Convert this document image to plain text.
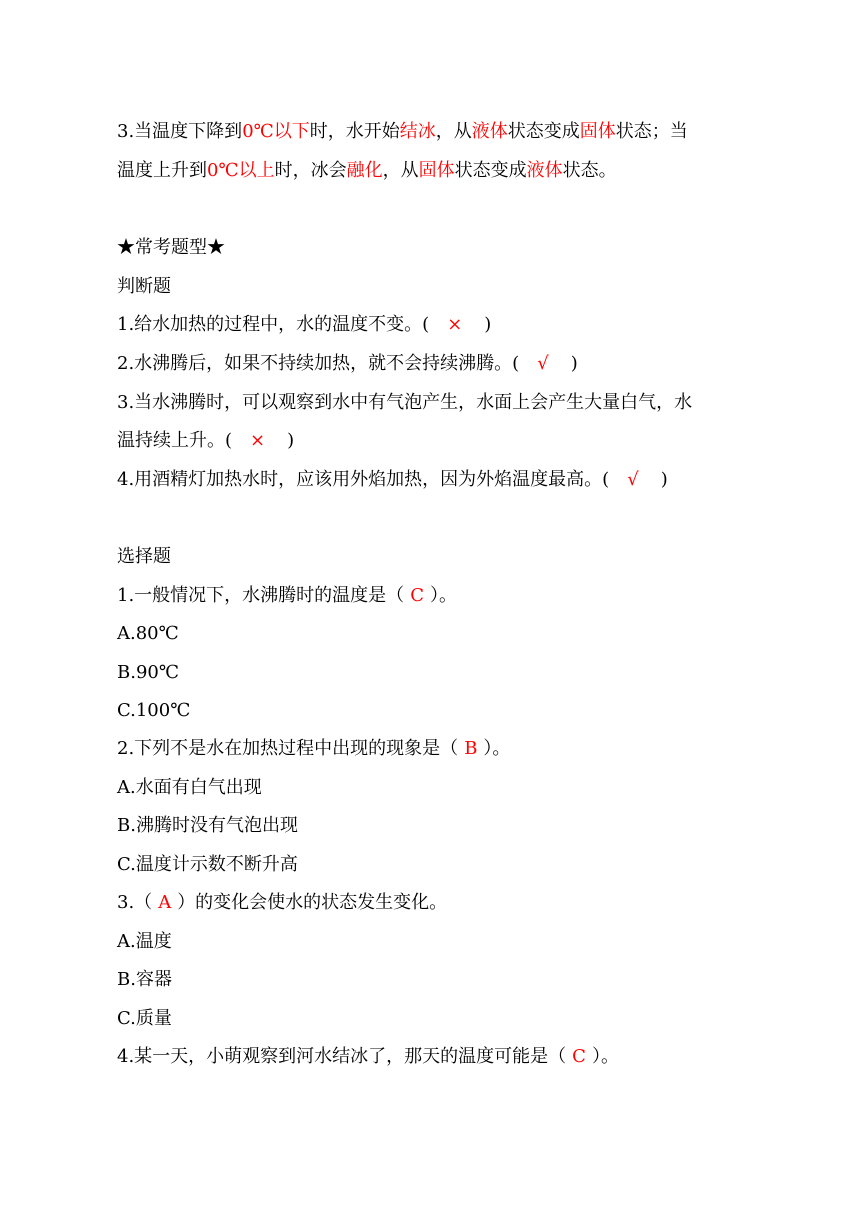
3.当温度下降到0℃以下时，水开始结冰，从液体状态变成固体状态；当
温度上升到0℃以上时，冰会融化，从固体状态变成液体状态。
★常考题型★
判断题
1.给水加热的过程中，水的温度不变。( × )
2.水沸腾后，如果不持续加热，就不会持续沸腾。( √ )
3.当水沸腾时，可以观察到水中有气泡产生，水面上会产生大量白气，水
温持续上升。( × )
4.用酒精灯加热水时，应该用外焰加热，因为外焰温度最高。( √ )
选择题
1.一般情况下，水沸腾时的温度是（ C ）。
A.80℃
B.90℃
C.100℃
2.下列不是水在加热过程中出现的现象是（ B ）。
A.水面有白气出现
B.沸腾时没有气泡出现
C.温度计示数不断升高
3.（ A ）的变化会使水的状态发生变化。
A.温度
B.容器
C.质量
4.某一天，小萌观察到河水结冰了，那天的温度可能是（ C ）。
